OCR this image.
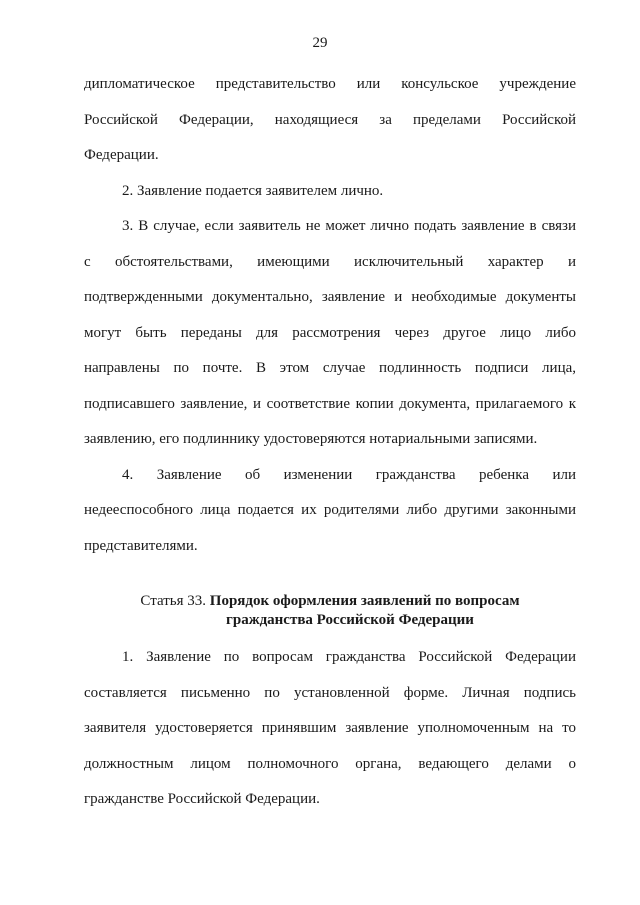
29
дипломатическое представительство или консульское учреждение
Российской Федерации, находящиеся за пределами Российской
Федерации.
2. Заявление подается заявителем лично.
3. В случае, если заявитель не может лично подать заявление в связи
с обстоятельствами, имеющими исключительный характер и
подтвержденными документально, заявление и необходимые документы
могут быть переданы для рассмотрения через другое лицо либо
направлены по почте. В этом случае подлинность подписи лица,
подписавшего заявление, и соответствие копии документа, прилагаемого к
заявлению, его подлиннику удостоверяются нотариальными записями.
4. Заявление об изменении гражданства ребенка или
недееспособного лица подается их родителями либо другими законными
представителями.
Статья 33. Порядок оформления заявлений по вопросам
гражданства Российской Федерации
1. Заявление по вопросам гражданства Российской Федерации
составляется письменно по установленной форме. Личная подпись
заявителя удостоверяется принявшим заявление уполномоченным на то
должностным лицом полномочного органа, ведающего делами о
гражданстве Российской Федерации.
